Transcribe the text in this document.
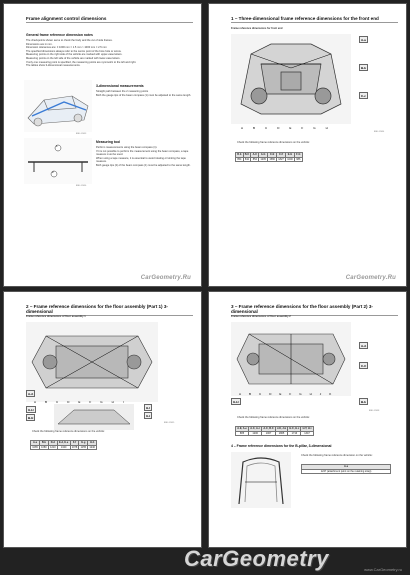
Frame alignment control dimensions
General frame reference dimension notes
The checkpoints shown serve to check the body and the cut of side frames.
Dimensions are in mm.
Dimension tolerances are: ± 1000 mm = 1.5 mm > 1000 mm = 2.5 mm
The specified dimensions always refer to the centre point of the bore hole or screw.
Measuring points on the right side of the vehicle are marked with upper-case letters.
Measuring points on the left side of the vehicle are marked with lower-case letters.
If only one measuring point is specified, the measuring points are symmetric to the left and right.
The tables show 3-dimensional measurements.
BSK-12453
3-dimensional measurements
Straight path between the 2 measuring points
Both the gauge tips of the beam compass (1) must be adjusted to the same length.
1
2
BSK-12456
Measuring tool
Perform measurements using the beam compass (1).
If it is not possible to perform the measurement using the beam compass, a tape measure must be used.
When using a tape measure, it is essential to avoid rotating or kinking the tape measure.
Both gauge tips (2) of the beam compass (1) must be adjusted to the same length.
CarGeometry.Ru
1 – Three-dimensional frame reference dimensions for the front end
Frame reference dimensions for front end
A-a
B-b
C-c
ABCDEFGH
BSK-12454
Check the following frame reference dimensions on the vehicle:
B-b	B-C	A-C	A-G	C-E	C-F	E-G	F-G
854	842	854	1205	1580	1827	1000	986
CarGeometry.Ru
2 – Frame reference dimensions for the floor assembly (Part 1) 3-dimensional
Frame reference dimensions of floor assembly 1
G-H
B-H
H-I
G-I
A-A
ABCDEFGHI
BSK-12455
Check the following frame reference dimensions on the vehicle:
A-a	B-b	D-d	E-d, E-e	F-f	G-g	H-h
1065	1080	1210	1340	1078	1155	1240
3 – Frame reference dimensions for the floor assembly (Part 2) 3-dimensional
Frame reference dimensions of floor assembly 2
A-A
C-C
G-H	B-b
ABCDEFGHJK
BSK-12458
Check the following frame reference dimensions on the vehicle:
A-E, A-e	A-C, A-c	A-C, B-C	J-K, J-k	H-C, H-c	H-T, H-t
885	1206	1067	1865	1716	1347
4 – Frame reference dimensions for the B-pillar, 3-dimensional
Check the following frame reference dimension on the vehicle:
A-a
1247 (attachment point on the retaining strap)
CarGeometry	www.CarGeometry.ru
